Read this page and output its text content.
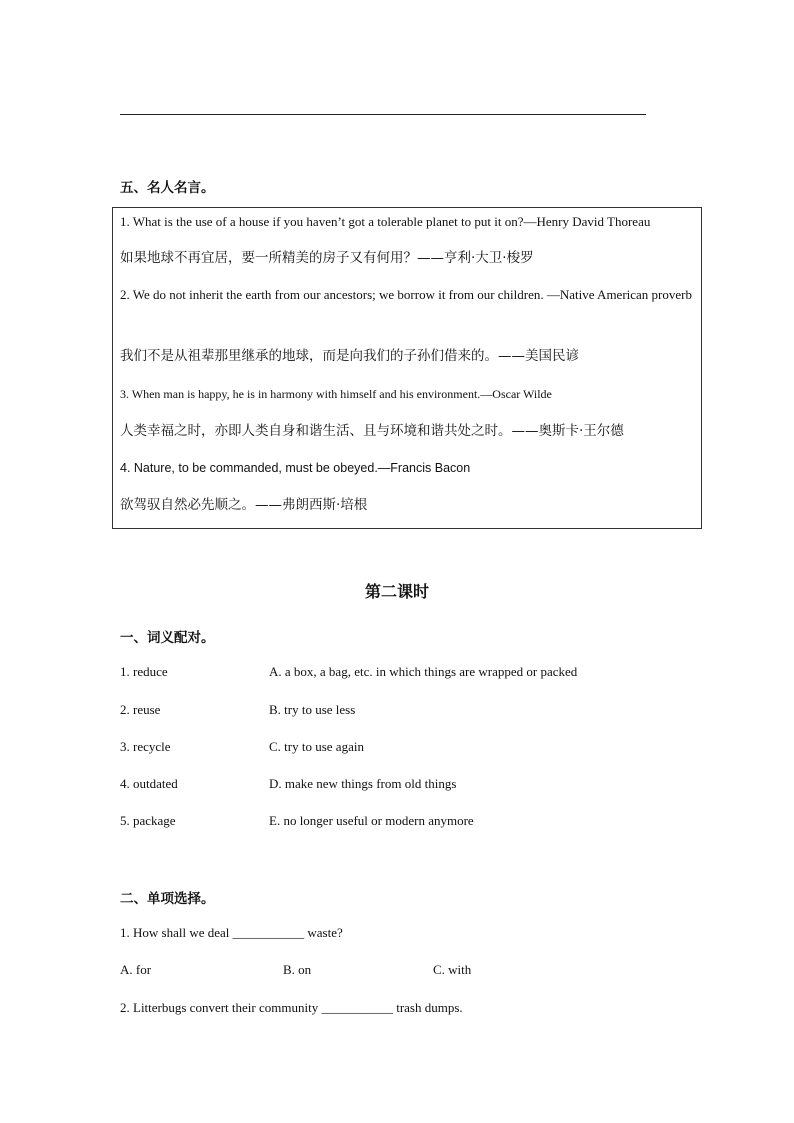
五、名人名言。
1. What is the use of a house if you haven’t got a tolerable planet to put it on?—Henry David Thoreau
如果地球不再宜居，要一所精美的房子又有何用？——亨利·大卫·梭罗
2. We do not inherit the earth from our ancestors; we borrow it from our children. —Native American proverb
我们不是从祖辈那里继承的地球，而是向我们的子孙们借来的。——美国民谚
3. When man is happy, he is in harmony with himself and his environment.—Oscar Wilde
人类幸福之时，亦即人类自身和谐生活、且与环境和谐共处之时。——奥斯卡·王尔德
4. Nature, to be commanded, must be obeyed.—Francis Bacon
欲驾驭自然必先顺之。——弗朗西斯·培根
第二课时
一、词义配对。
1. reduce	A. a box, a bag, etc. in which things are wrapped or packed
2. reuse	B. try to use less
3. recycle	C. try to use again
4. outdated	D. make new things from old things
5. package	E. no longer useful or modern anymore
二、单项选择。
1. How shall we deal ___________ waste?
A. for	B. on	C. with
2. Litterbugs convert their community ___________ trash dumps.
